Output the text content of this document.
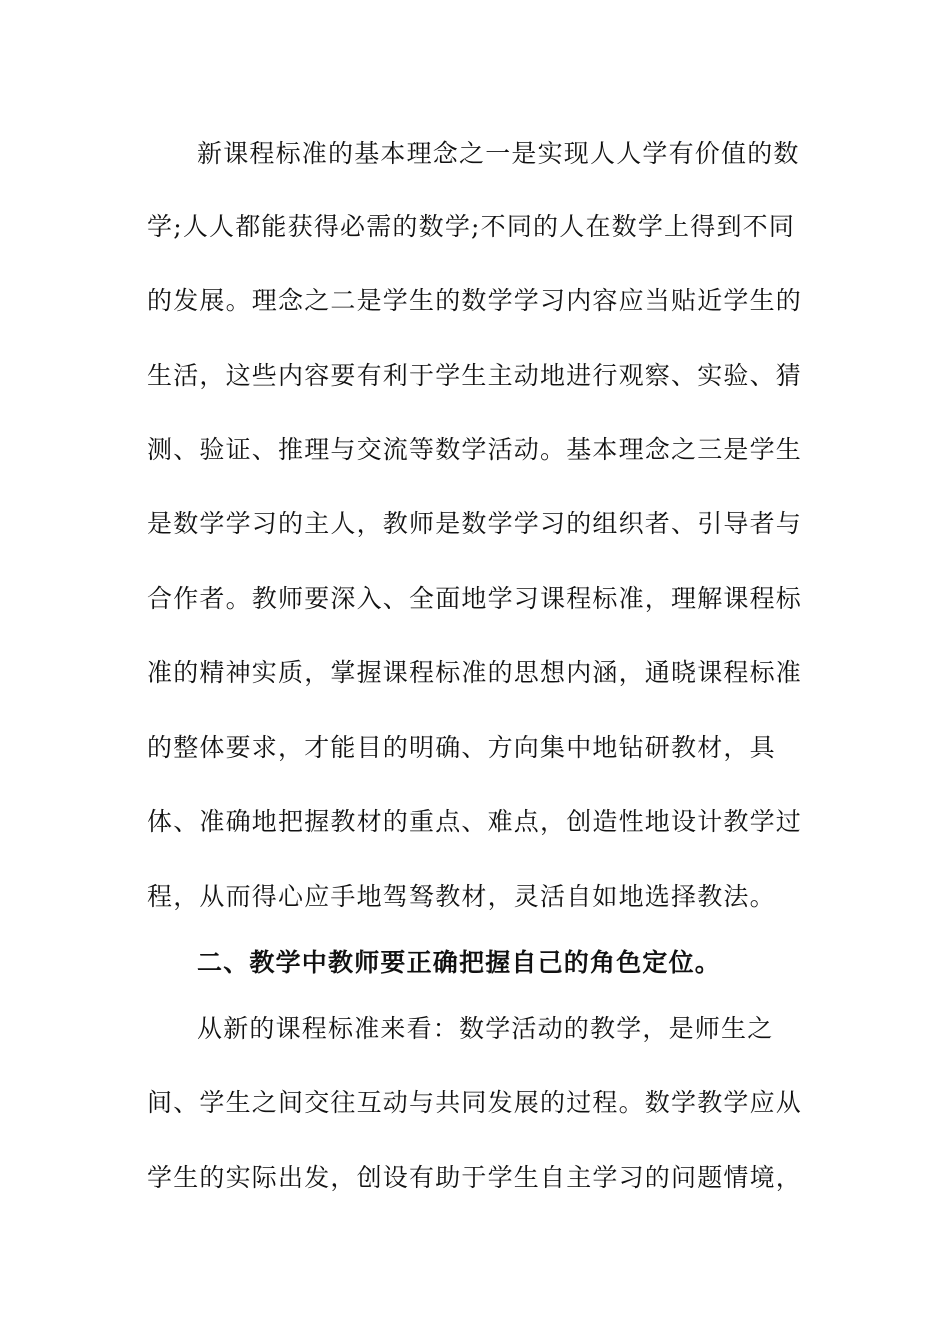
新课程标准的基本理念之一是实现人人学有价值的数
学;人人都能获得必需的数学;不同的人在数学上得到不同
的发展。理念之二是学生的数学学习内容应当贴近学生的
生活，这些内容要有利于学生主动地进行观察、实验、猜
测、验证、推理与交流等数学活动。基本理念之三是学生
是数学学习的主人，教师是数学学习的组织者、引导者与
合作者。教师要深入、全面地学习课程标准，理解课程标
准的精神实质，掌握课程标准的思想内涵，通晓课程标准
的整体要求，才能目的明确、方向集中地钻研教材，具
体、准确地把握教材的重点、难点，创造性地设计教学过
程，从而得心应手地驾驽教材，灵活自如地选择教法。
二、教学中教师要正确把握自己的角色定位。
从新的课程标准来看：数学活动的教学，是师生之
间、学生之间交往互动与共同发展的过程。数学教学应从
学生的实际出发，创设有助于学生自主学习的问题情境，
